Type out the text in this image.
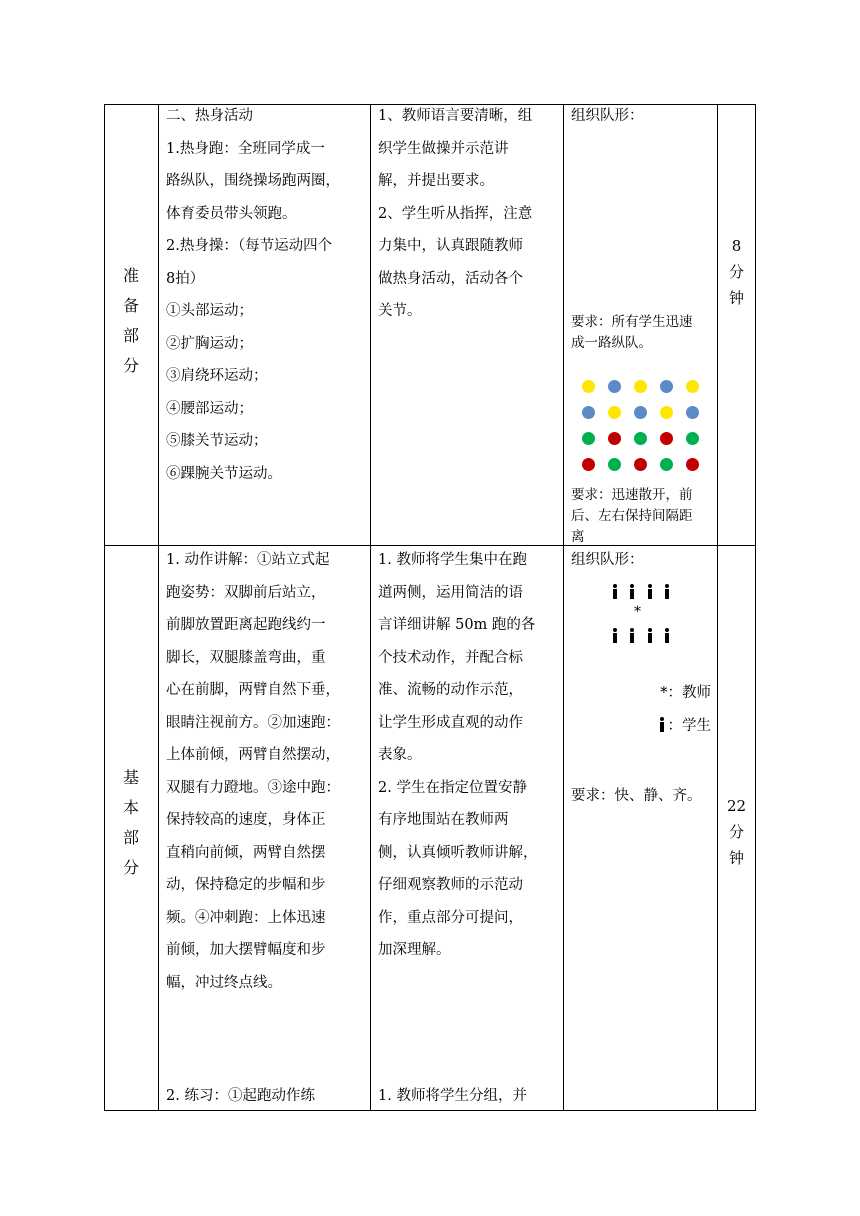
准

备

部

分

二、热身活动

1.热身跑：全班同学成一

路纵队，围绕操场跑两圈，

体育委员带头领跑。

2.热身操：（每节运动四个

8拍）

①头部运动；

②扩胸运动；

③肩绕环运动；

④腰部运动；

⑤膝关节运动；

⑥踝腕关节运动。

1、教师语言要清晰，组

织学生做操并示范讲

解，并提出要求。

2、学生听从指挥，注意

力集中，认真跟随教师

做热身活动，活动各个

关节。

组织队形：

要求：所有学生迅速

成一路纵队。

要求：迅速散开，前

后、左右保持间隔距

离

8

分

钟

基

本

部

分

1. 动作讲解：①站立式起

跑姿势：双脚前后站立，

前脚放置距离起跑线约一

脚长，双腿膝盖弯曲，重

心在前脚，两臂自然下垂，

眼睛注视前方。②加速跑：

上体前倾，两臂自然摆动，

双腿有力蹬地。③途中跑：

保持较高的速度，身体正

直稍向前倾，两臂自然摆

动，保持稳定的步幅和步

频。④冲刺跑：上体迅速

前倾，加大摆臂幅度和步

幅，冲过终点线。

2. 练习：①起跑动作练

1. 教师将学生集中在跑

道两侧，运用简洁的语

言详细讲解 50m 跑的各

个技术动作，并配合标

准、流畅的动作示范，

让学生形成直观的动作

表象。

2. 学生在指定位置安静

有序地围站在教师两

侧，认真倾听教师讲解，

仔细观察教师的示范动

作，重点部分可提问，

加深理解。

1. 教师将学生分组，并

组织队形：

*

*：教师

：学生

要求：快、静、齐。

22

分

钟
